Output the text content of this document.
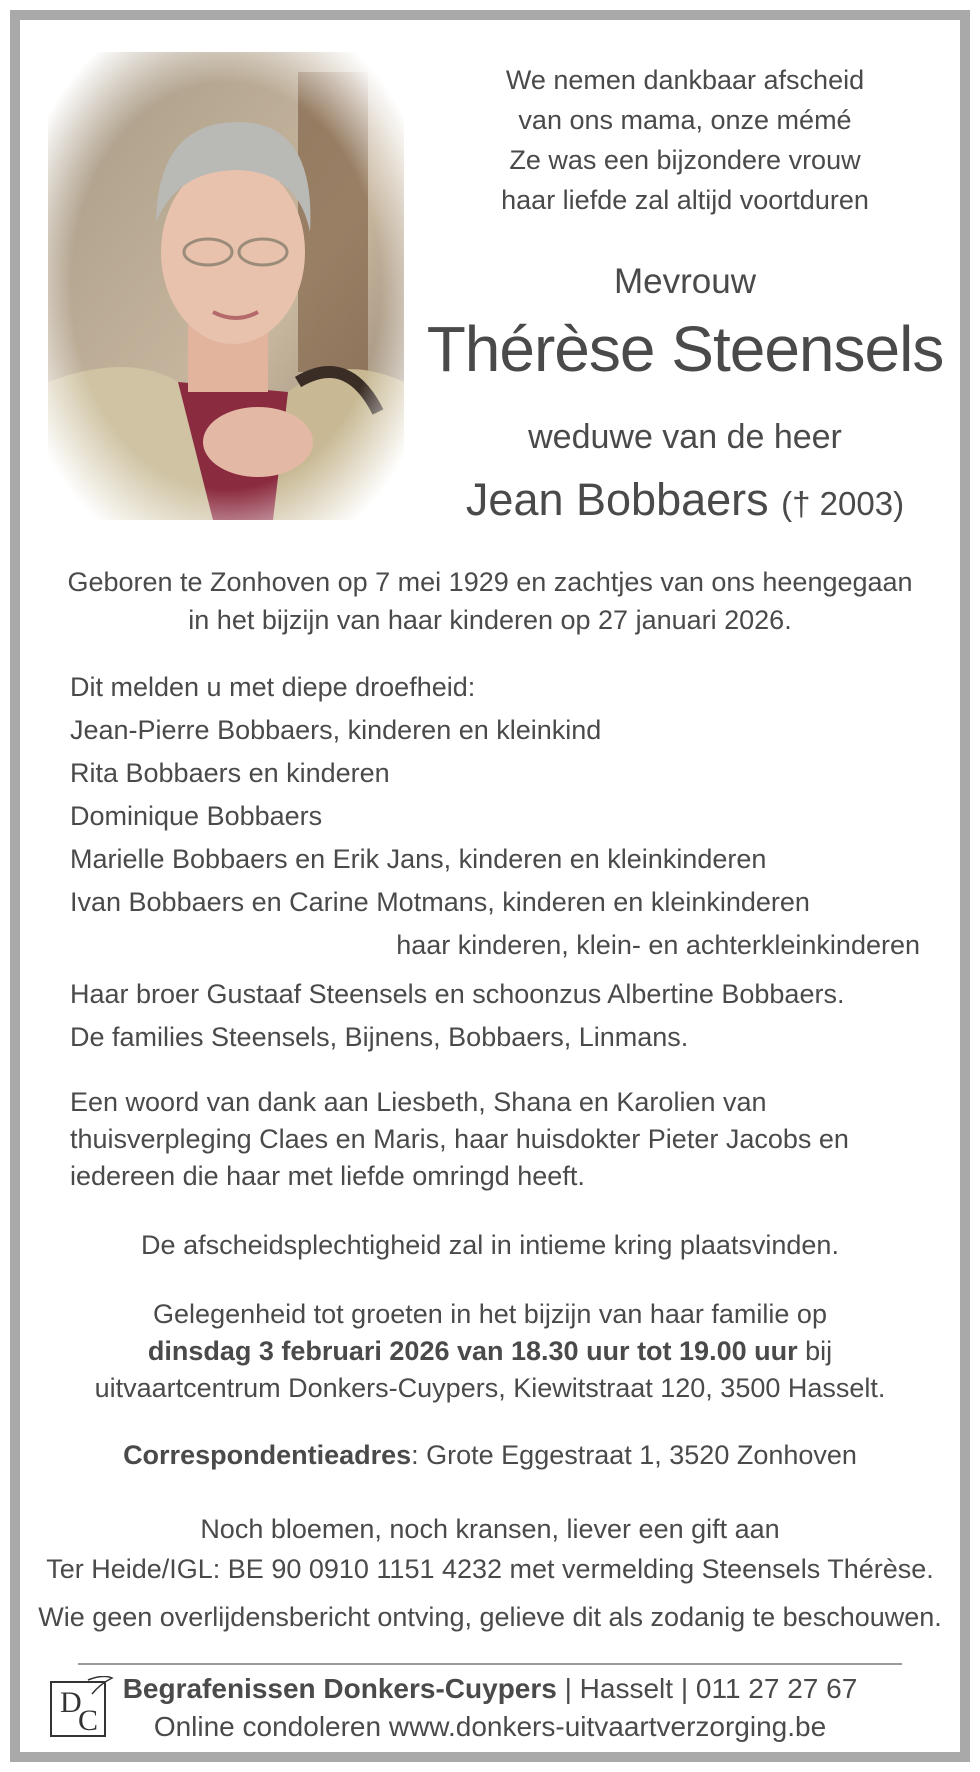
We nemen dankbaar afscheid
van ons mama, onze mémé
Ze was een bijzondere vrouw
haar liefde zal altijd voortduren
Mevrouw
Thérèse Steensels
weduwe van de heer
Jean Bobbaers († 2003)
Geboren te Zonhoven op 7 mei 1929 en zachtjes van ons heengegaan
in het bijzijn van haar kinderen op 27 januari 2026.
Dit melden u met diepe droefheid:
Jean-Pierre Bobbaers, kinderen en kleinkind
Rita Bobbaers en kinderen
Dominique Bobbaers
Marielle Bobbaers en Erik Jans, kinderen en kleinkinderen
Ivan Bobbaers en Carine Motmans, kinderen en kleinkinderen
haar kinderen, klein- en achterkleinkinderen
Haar broer Gustaaf Steensels en schoonzus Albertine Bobbaers.
De families Steensels, Bijnens, Bobbaers, Linmans.
Een woord van dank aan Liesbeth, Shana en Karolien van
thuisverpleging Claes en Maris, haar huisdokter Pieter Jacobs en
iedereen die haar met liefde omringd heeft.
De afscheidsplechtigheid zal in intieme kring plaatsvinden.
Gelegenheid tot groeten in het bijzijn van haar familie op
dinsdag 3 februari 2026 van 18.30 uur tot 19.00 uur bij
uitvaartcentrum Donkers-Cuypers, Kiewitstraat 120, 3500 Hasselt.
Correspondentieadres: Grote Eggestraat 1, 3520 Zonhoven
Noch bloemen, noch kransen, liever een gift aan
Ter Heide/IGL: BE 90 0910 1151 4232 met vermelding Steensels Thérèse.
Wie geen overlijdensbericht ontving, gelieve dit als zodanig te beschouwen.
D
C
Begrafenissen Donkers-Cuypers | Hasselt | 011 27 27 67
Online condoleren www.donkers-uitvaartverzorging.be
